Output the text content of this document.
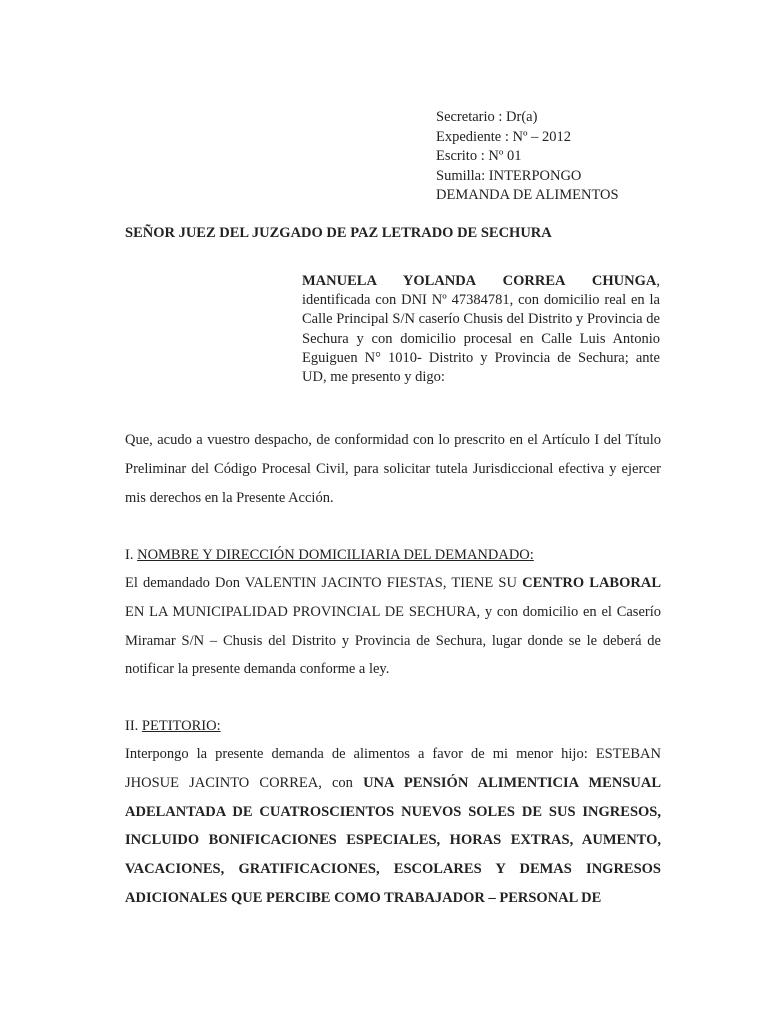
Secretario : Dr(a)
Expediente : Nº – 2012
Escrito : Nº 01
Sumilla: INTERPONGO
DEMANDA DE ALIMENTOS
SEÑOR JUEZ DEL JUZGADO DE PAZ LETRADO DE SECHURA
MANUELA YOLANDA CORREA CHUNGA, identificada con DNI Nº 47384781, con domicilio real en la Calle Principal S/N caserío Chusis del Distrito y Provincia de Sechura y con domicilio procesal en Calle Luis Antonio Eguiguen N° 1010- Distrito y Provincia de Sechura; ante UD, me presento y digo:

Que, acudo a vuestro despacho, de conformidad con lo prescrito en el Artículo I del Título Preliminar del Código Procesal Civil, para solicitar tutela Jurisdiccional efectiva y ejercer mis derechos en la Presente Acción.

I. NOMBRE Y DIRECCIÓN DOMICILIARIA DEL DEMANDADO:

El demandado Don VALENTIN JACINTO FIESTAS, TIENE SU CENTRO LABORAL EN LA MUNICIPALIDAD PROVINCIAL DE SECHURA, y con domicilio en el Caserío Miramar S/N – Chusis del Distrito y Provincia de Sechura, lugar donde se le deberá de notificar la presente demanda conforme a ley.

II. PETITORIO:

Interpongo la presente demanda de alimentos a favor de mi menor hijo: ESTEBAN JHOSUE JACINTO CORREA, con UNA PENSIÓN ALIMENTICIA MENSUAL ADELANTADA DE CUATROSCIENTOS NUEVOS SOLES DE SUS INGRESOS, INCLUIDO BONIFICACIONES ESPECIALES, HORAS EXTRAS, AUMENTO, VACACIONES, GRATIFICACIONES, ESCOLARES Y DEMAS INGRESOS ADICIONALES QUE PERCIBE COMO TRABAJADOR – PERSONAL DE
